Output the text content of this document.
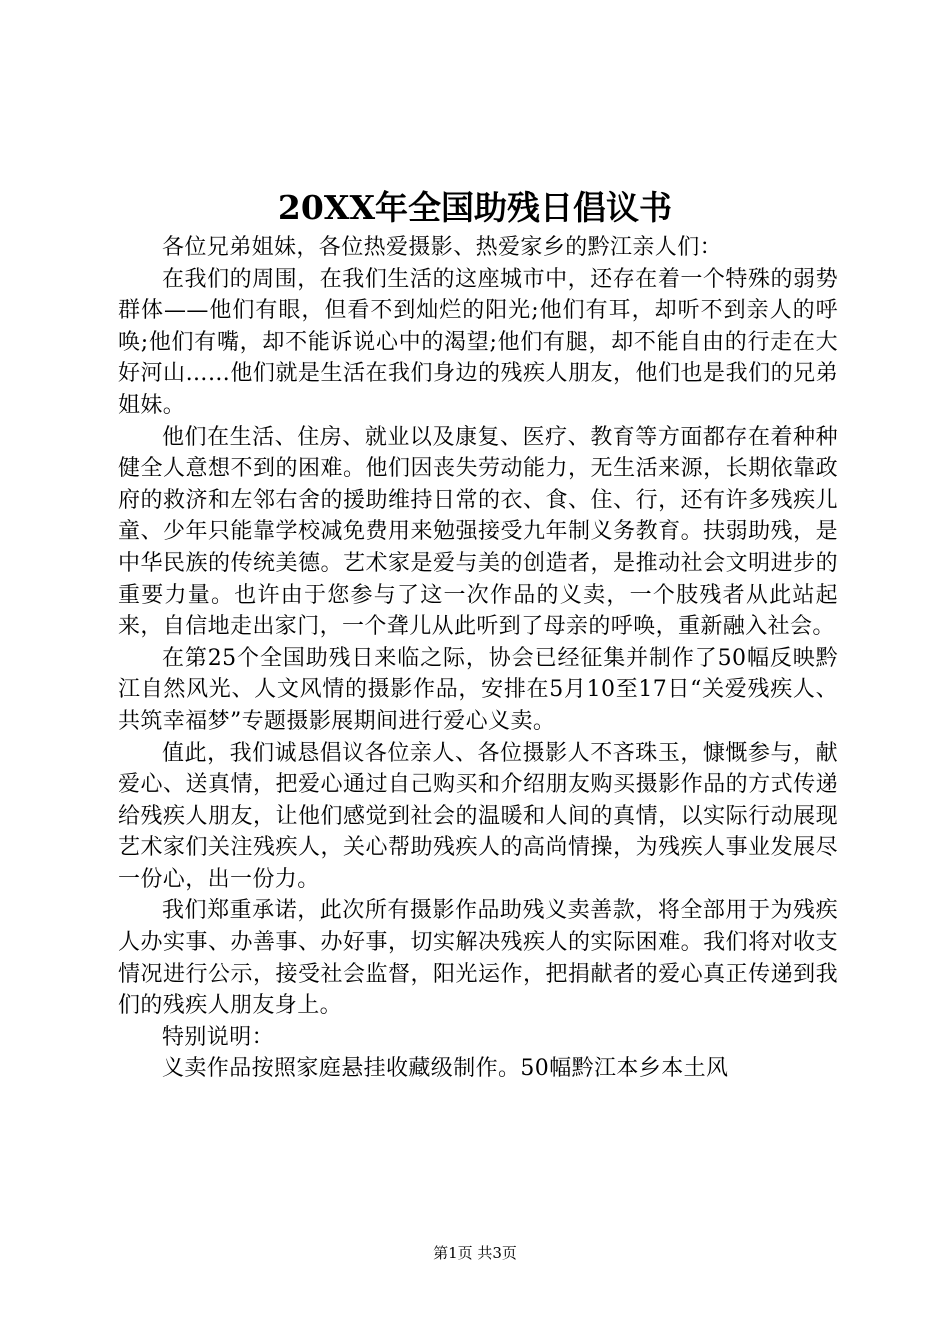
20XX年全国助残日倡议书

各位兄弟姐妹，各位热爱摄影、热爱家乡的黔江亲人们：

在我们的周围，在我们生活的这座城市中，还存在着一个特殊的弱势群体——他们有眼，但看不到灿烂的阳光;他们有耳，却听不到亲人的呼唤;他们有嘴，却不能诉说心中的渴望;他们有腿，却不能自由的行走在大好河山……他们就是生活在我们身边的残疾人朋友，他们也是我们的兄弟姐妹。

他们在生活、住房、就业以及康复、医疗、教育等方面都存在着种种健全人意想不到的困难。他们因丧失劳动能力，无生活来源，长期依靠政府的救济和左邻右舍的援助维持日常的衣、食、住、行，还有许多残疾儿童、少年只能靠学校减免费用来勉强接受九年制义务教育。扶弱助残，是中华民族的传统美德。艺术家是爱与美的创造者，是推动社会文明进步的重要力量。也许由于您参与了这一次作品的义卖，一个肢残者从此站起来，自信地走出家门，一个聋儿从此听到了母亲的呼唤，重新融入社会。

在第25个全国助残日来临之际，协会已经征集并制作了50幅反映黔江自然风光、人文风情的摄影作品，安排在5月10至17日“关爱残疾人、共筑幸福梦”专题摄影展期间进行爱心义卖。

值此，我们诚恳倡议各位亲人、各位摄影人不吝珠玉，慷慨参与，献爱心、送真情，把爱心通过自己购买和介绍朋友购买摄影作品的方式传递给残疾人朋友，让他们感觉到社会的温暖和人间的真情，以实际行动展现艺术家们关注残疾人，关心帮助残疾人的高尚情操，为残疾人事业发展尽一份心，出一份力。

我们郑重承诺，此次所有摄影作品助残义卖善款，将全部用于为残疾人办实事、办善事、办好事，切实解决残疾人的实际困难。我们将对收支情况进行公示，接受社会监督，阳光运作，把捐献者的爱心真正传递到我们的残疾人朋友身上。

特别说明：

义卖作品按照家庭悬挂收藏级制作。50幅黔江本乡本土风

第1页 共3页
